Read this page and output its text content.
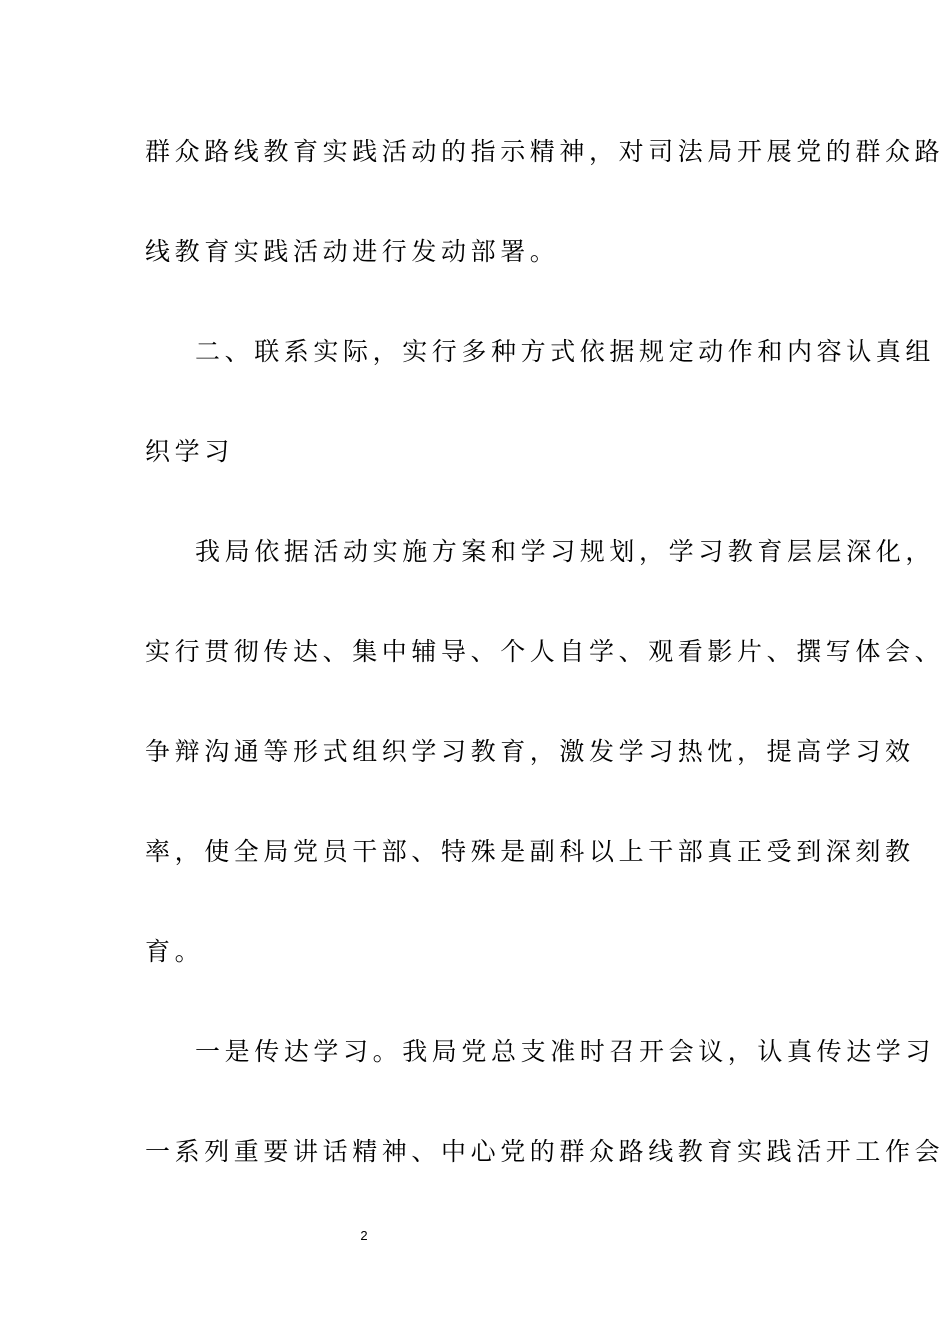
群众路线教育实践活动的指示精神，对司法局开展党的群众路
线教育实践活动进行发动部署。
二、联系实际，实行多种方式依据规定动作和内容认真组
织学习
我局依据活动实施方案和学习规划，学习教育层层深化，
实行贯彻传达、集中辅导、个人自学、观看影片、撰写体会、
争辩沟通等形式组织学习教育，激发学习热忱，提高学习效
率，使全局党员干部、特殊是副科以上干部真正受到深刻教
育。
一是传达学习。我局党总支准时召开会议，认真传达学习
一系列重要讲话精神、中心党的群众路线教育实践活开工作会
2
